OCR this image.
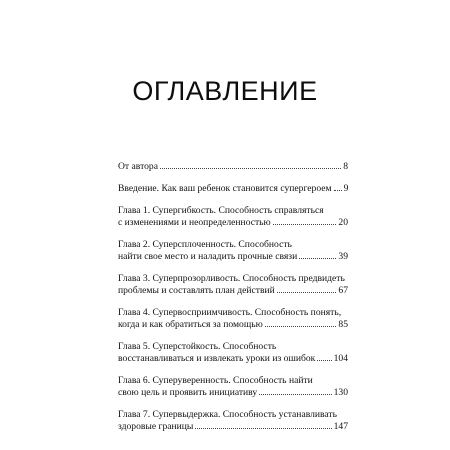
ОГЛАВЛЕНИЕ
От автора	8
Введение. Как ваш ребенок становится супергероем 9
Глава 1. Супергибкость. Способность справляться
с изменениями и неопределенностью	20
Глава 2. Суперсплоченность. Способность
найти свое место и наладить прочные связи	39
Глава 3. Суперпрозорливость. Способность предвидеть
проблемы и составлять план действий	67
Глава 4. Супервосприимчивость. Способность понять,
когда и как обратиться за помощью	85
Глава 5. Суперстойкость. Способность
восстанавливаться и извлекать уроки из ошибок 104
Глава 6. Суперуверенность. Способность найти
свою цель и проявить инициативу	130
Глава 7. Супервыдержка. Способность устанавливать
здоровые границы	147
